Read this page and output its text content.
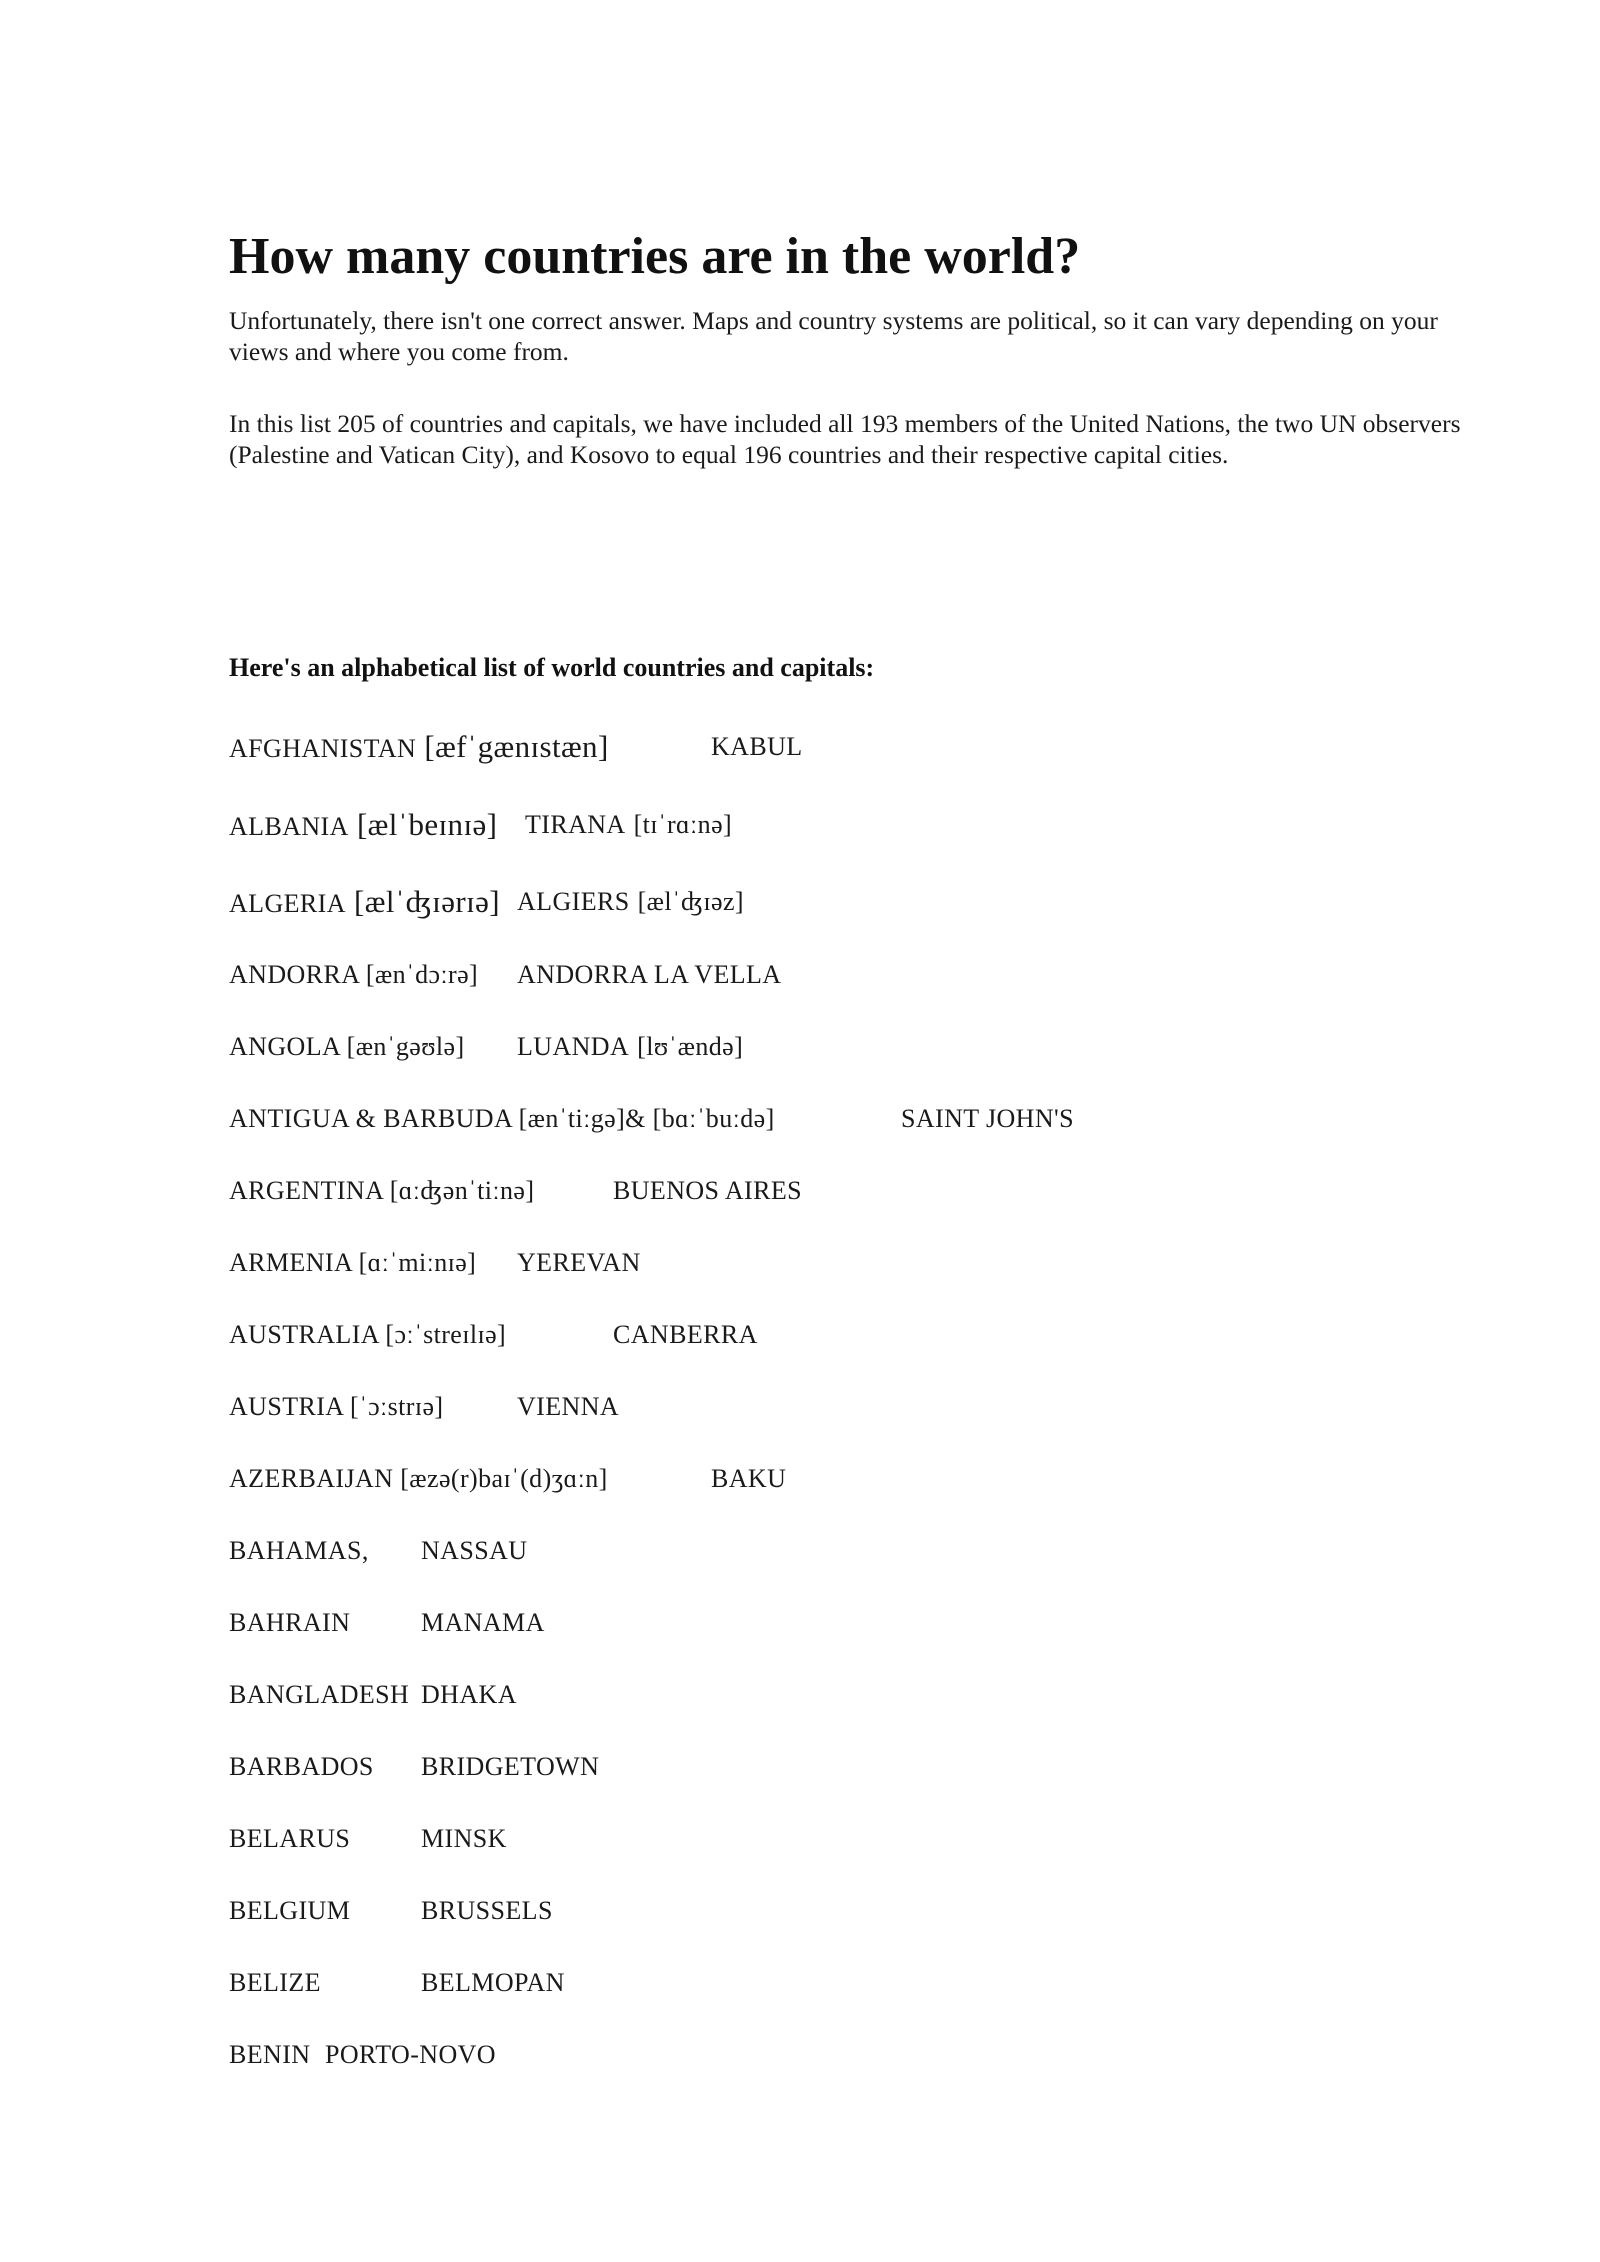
How many countries are in the world?

Unfortunately, there isn't one correct answer. Maps and country systems are political, so it can vary depending on your views and where you come from.

In this list 205 of countries and capitals, we have included all 193 members of the United Nations, the two UN observers (Palestine and Vatican City), and Kosovo to equal 196 countries and their respective capital cities.

Here's an alphabetical list of world countries and capitals:

AFGHANISTAN [æfˈgænɪstæn]	KABUL
ALBANIA [ælˈbeɪnɪə] TIRANA [tɪˈrɑːnə]
ALGERIA [ælˈʤɪərɪə] ALGIERS [ælˈʤɪəz]
ANDORRA [ænˈdɔːrə] ANDORRA LA VELLA
ANGOLA [ænˈgəʊlə] LUANDA [lʊˈændə]
ANTIGUA & BARBUDA [ænˈtiːgə]& [bɑːˈbuːdə]	SAINT JOHN'S
ARGENTINA [ɑːʤənˈtiːnə]	BUENOS AIRES
ARMENIA [ɑːˈmiːnɪə] YEREVAN
AUSTRALIA [ɔːˈstreɪlɪə]	CANBERRA
AUSTRIA [ˈɔːstrɪə]	VIENNA
AZERBAIJAN [æzə(r)baɪˈ(d)ʒɑːn]	BAKU
BAHAMAS, NASSAU
BAHRAIN	MANAMA
BANGLADESH DHAKA
BARBADOS BRIDGETOWN
BELARUS	MINSK
BELGIUM	BRUSSELS
BELIZE	BELMOPAN
BENIN PORTO-NOVO
